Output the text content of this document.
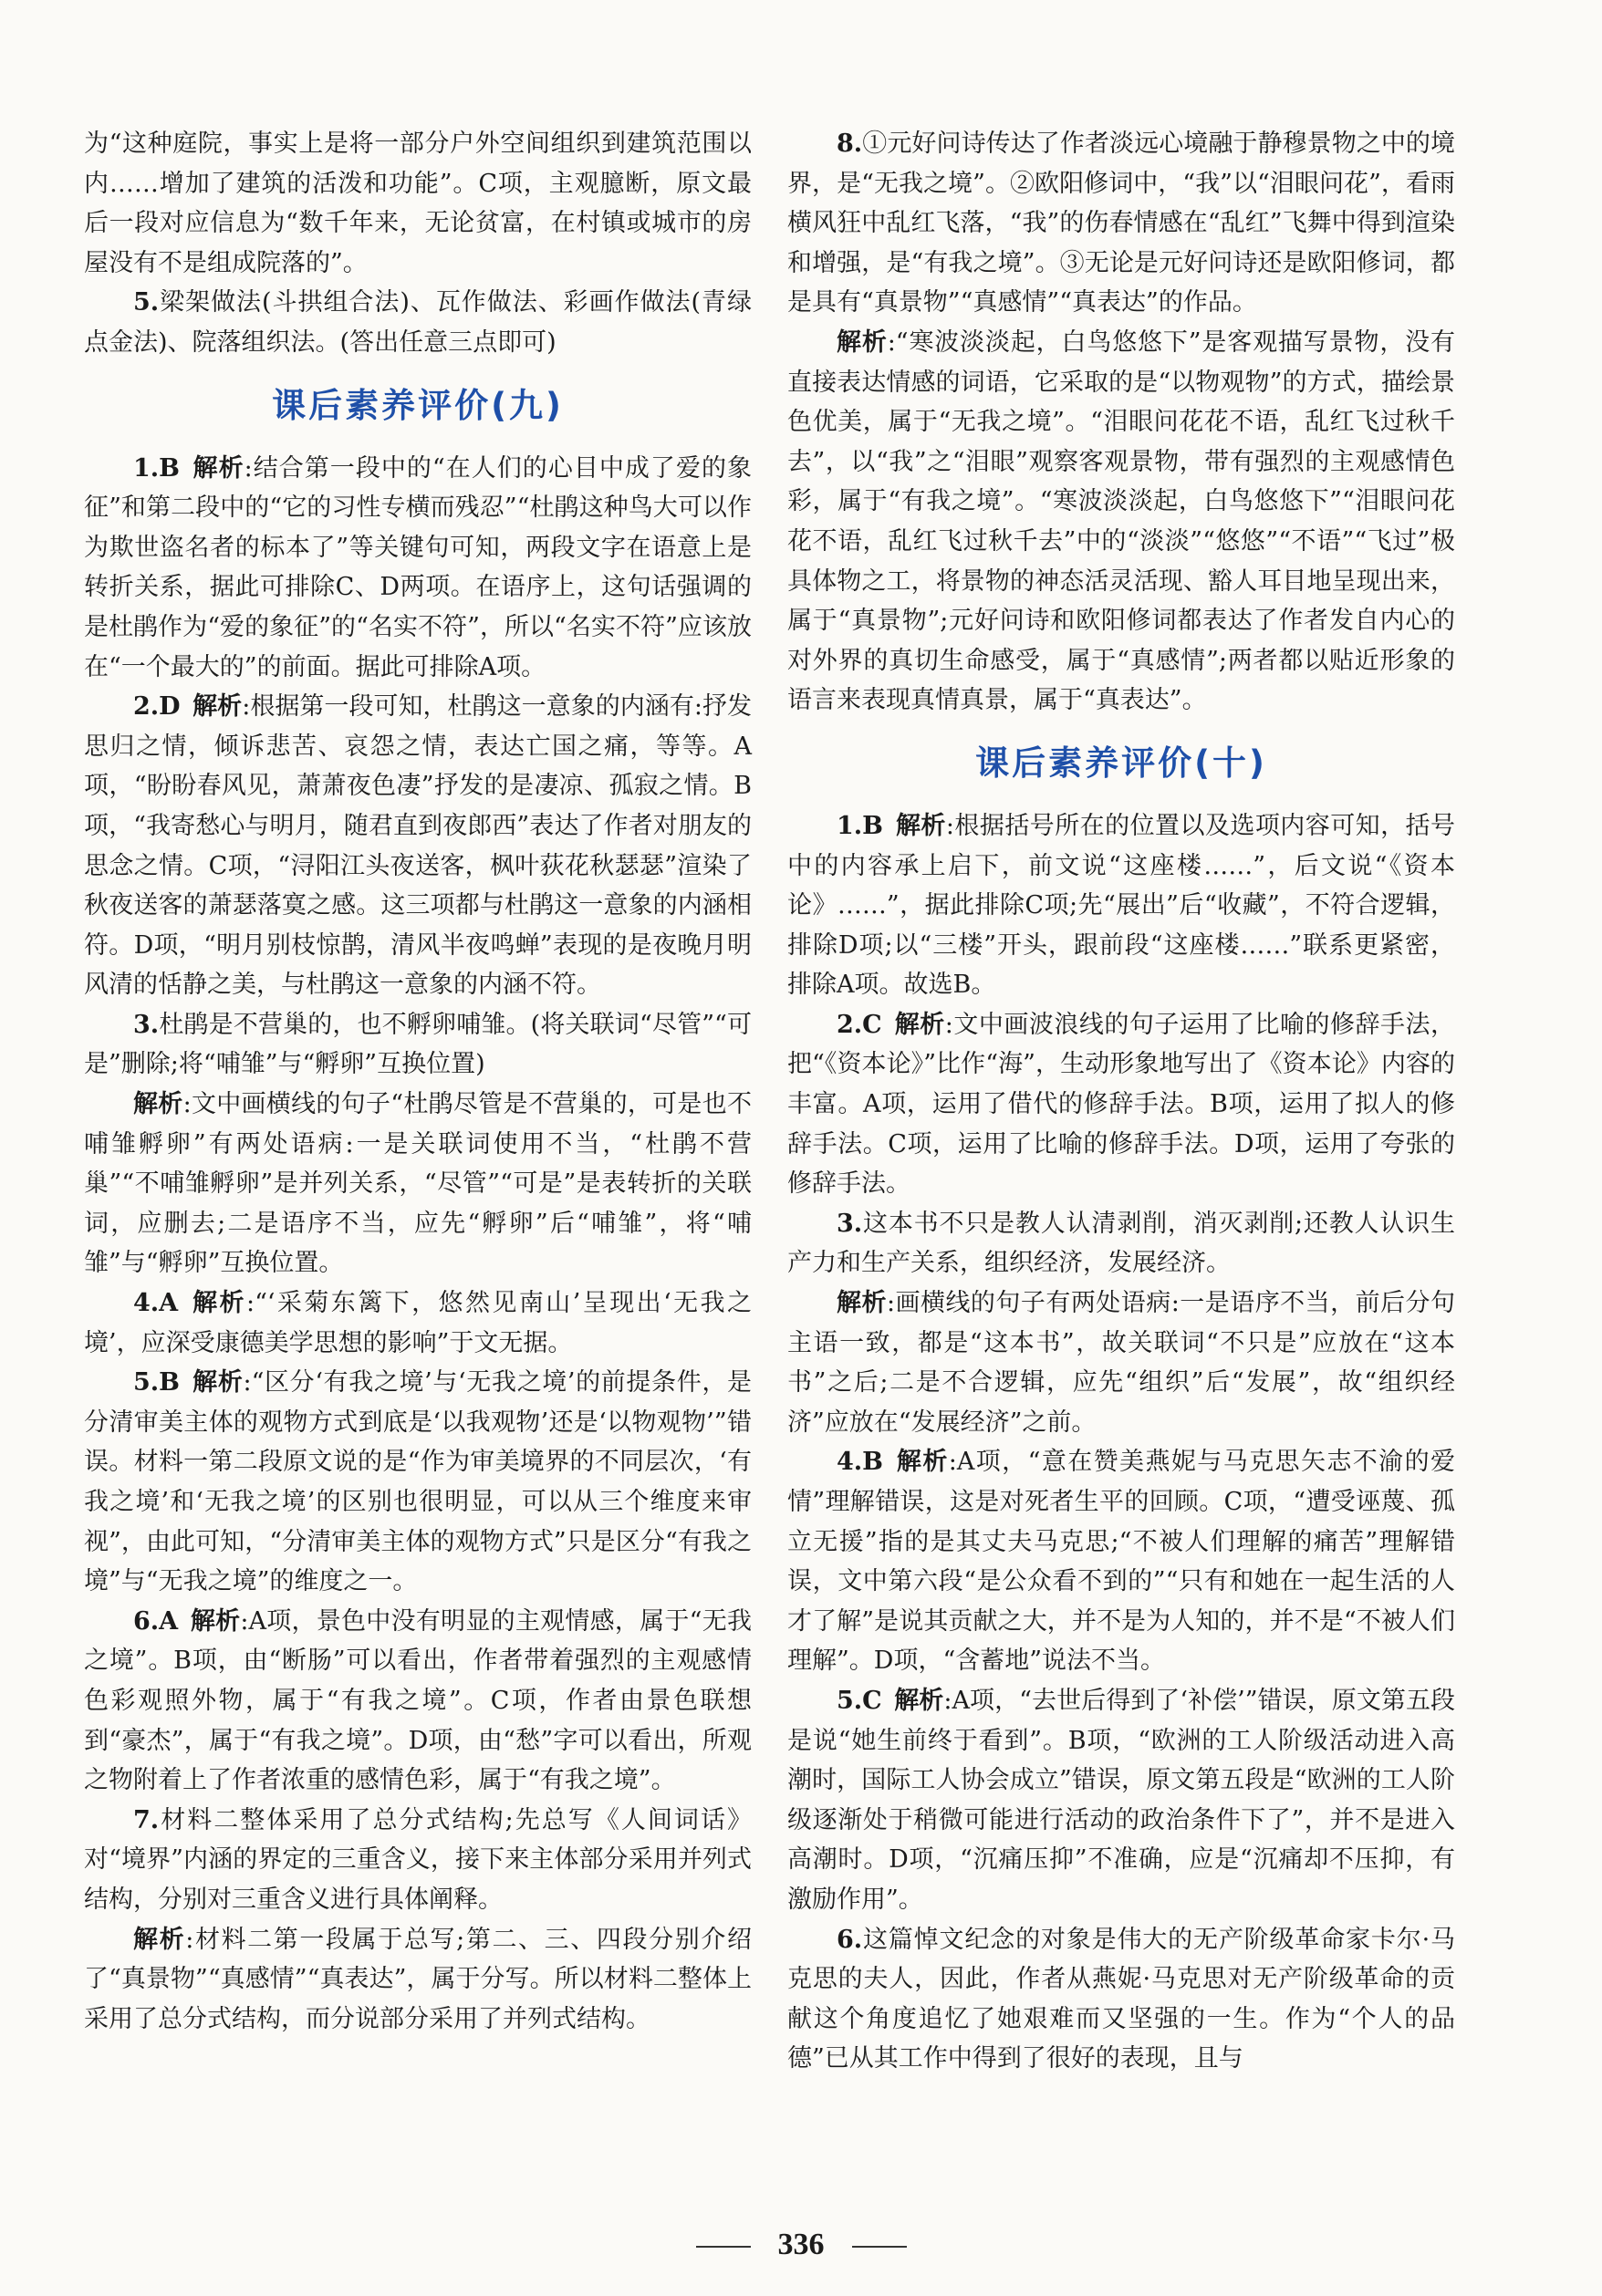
为“这种庭院，事实上是将一部分户外空间组织到建筑范围以内……增加了建筑的活泼和功能”。C项，主观臆断，原文最后一段对应信息为“数千年来，无论贫富，在村镇或城市的房屋没有不是组成院落的”。

5.梁架做法(斗拱组合法)、瓦作做法、彩画作做法(青绿点金法)、院落组织法。(答出任意三点即可)

课后素养评价(九)

1.B  解析:结合第一段中的“在人们的心目中成了爱的象征”和第二段中的“它的习性专横而残忍”“杜鹃这种鸟大可以作为欺世盗名者的标本了”等关键句可知，两段文字在语意上是转折关系，据此可排除C、D两项。在语序上，这句话强调的是杜鹃作为“爱的象征”的“名实不符”，所以“名实不符”应该放在“一个最大的”的前面。据此可排除A项。

2.D  解析:根据第一段可知，杜鹃这一意象的内涵有:抒发思归之情，倾诉悲苦、哀怨之情，表达亡国之痛，等等。A项，“盼盼春风见，萧萧夜色凄”抒发的是凄凉、孤寂之情。B项，“我寄愁心与明月，随君直到夜郎西”表达了作者对朋友的思念之情。C项，“浔阳江头夜送客，枫叶荻花秋瑟瑟”渲染了秋夜送客的萧瑟落寞之感。这三项都与杜鹃这一意象的内涵相符。D项，“明月别枝惊鹊，清风半夜鸣蝉”表现的是夜晚月明风清的恬静之美，与杜鹃这一意象的内涵不符。

3.杜鹃是不营巢的，也不孵卵哺雏。(将关联词“尽管”“可是”删除;将“哺雏”与“孵卵”互换位置)

解析:文中画横线的句子“杜鹃尽管是不营巢的，可是也不哺雏孵卵”有两处语病:一是关联词使用不当，“杜鹃不营巢”“不哺雏孵卵”是并列关系，“尽管”“可是”是表转折的关联词，应删去;二是语序不当，应先“孵卵”后“哺雏”，将“哺雏”与“孵卵”互换位置。

4.A  解析:“‘采菊东篱下，悠然见南山’呈现出‘无我之境’，应深受康德美学思想的影响”于文无据。

5.B  解析:“区分‘有我之境’与‘无我之境’的前提条件，是分清审美主体的观物方式到底是‘以我观物’还是‘以物观物’”错误。材料一第二段原文说的是“作为审美境界的不同层次，‘有我之境’和‘无我之境’的区别也很明显，可以从三个维度来审视”，由此可知，“分清审美主体的观物方式”只是区分“有我之境”与“无我之境”的维度之一。

6.A  解析:A项，景色中没有明显的主观情感，属于“无我之境”。B项，由“断肠”可以看出，作者带着强烈的主观感情色彩观照外物，属于“有我之境”。C项，作者由景色联想到“豪杰”，属于“有我之境”。D项，由“愁”字可以看出，所观之物附着上了作者浓重的感情色彩，属于“有我之境”。

7.材料二整体采用了总分式结构;先总写《人间词话》对“境界”内涵的界定的三重含义，接下来主体部分采用并列式结构，分别对三重含义进行具体阐释。

解析:材料二第一段属于总写;第二、三、四段分别介绍了“真景物”“真感情”“真表达”，属于分写。所以材料二整体上采用了总分式结构，而分说部分采用了并列式结构。

8.①元好问诗传达了作者淡远心境融于静穆景物之中的境界，是“无我之境”。②欧阳修词中，“我”以“泪眼问花”，看雨横风狂中乱红飞落，“我”的伤春情感在“乱红”飞舞中得到渲染和增强，是“有我之境”。③无论是元好问诗还是欧阳修词，都是具有“真景物”“真感情”“真表达”的作品。

解析:“寒波淡淡起，白鸟悠悠下”是客观描写景物，没有直接表达情感的词语，它采取的是“以物观物”的方式，描绘景色优美，属于“无我之境”。“泪眼问花花不语，乱红飞过秋千去”，以“我”之“泪眼”观察客观景物，带有强烈的主观感情色彩，属于“有我之境”。“寒波淡淡起，白鸟悠悠下”“泪眼问花花不语，乱红飞过秋千去”中的“淡淡”“悠悠”“不语”“飞过”极具体物之工，将景物的神态活灵活现、豁人耳目地呈现出来，属于“真景物”;元好问诗和欧阳修词都表达了作者发自内心的对外界的真切生命感受，属于“真感情”;两者都以贴近形象的语言来表现真情真景，属于“真表达”。

课后素养评价(十)

1.B  解析:根据括号所在的位置以及选项内容可知，括号中的内容承上启下，前文说“这座楼……”，后文说“《资本论》……”，据此排除C项;先“展出”后“收藏”，不符合逻辑，排除D项;以“三楼”开头，跟前段“这座楼……”联系更紧密，排除A项。故选B。

2.C  解析:文中画波浪线的句子运用了比喻的修辞手法，把“《资本论》”比作“海”，生动形象地写出了《资本论》内容的丰富。A项，运用了借代的修辞手法。B项，运用了拟人的修辞手法。C项，运用了比喻的修辞手法。D项，运用了夸张的修辞手法。

3.这本书不只是教人认清剥削，消灭剥削;还教人认识生产力和生产关系，组织经济，发展经济。

解析:画横线的句子有两处语病:一是语序不当，前后分句主语一致，都是“这本书”，故关联词“不只是”应放在“这本书”之后;二是不合逻辑，应先“组织”后“发展”，故“组织经济”应放在“发展经济”之前。

4.B  解析:A项，“意在赞美燕妮与马克思矢志不渝的爱情”理解错误，这是对死者生平的回顾。C项，“遭受诬蔑、孤立无援”指的是其丈夫马克思;“不被人们理解的痛苦”理解错误，文中第六段“是公众看不到的”“只有和她在一起生活的人才了解”是说其贡献之大，并不是为人知的，并不是“不被人们理解”。D项，“含蓄地”说法不当。

5.C  解析:A项，“去世后得到了‘补偿’”错误，原文第五段是说“她生前终于看到”。B项，“欧洲的工人阶级活动进入高潮时，国际工人协会成立”错误，原文第五段是“欧洲的工人阶级逐渐处于稍微可能进行活动的政治条件下了”，并不是进入高潮时。D项，“沉痛压抑”不准确，应是“沉痛却不压抑，有激励作用”。

6.这篇悼文纪念的对象是伟大的无产阶级革命家卡尔·马克思的夫人，因此，作者从燕妮·马克思对无产阶级革命的贡献这个角度追忆了她艰难而又坚强的一生。作为“个人的品德”已从其工作中得到了很好的表现，且与

336
